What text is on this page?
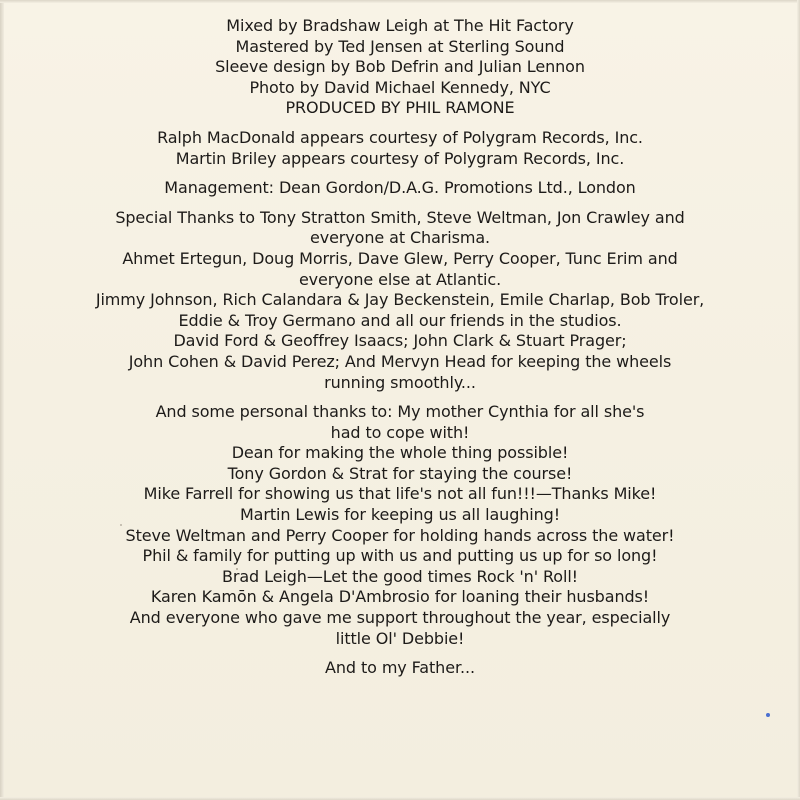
Mixed by Bradshaw Leigh at The Hit Factory

Mastered by Ted Jensen at Sterling Sound

Sleeve design by Bob Defrin and Julian Lennon

Photo by David Michael Kennedy, NYC

PRODUCED BY PHIL RAMONE

Ralph MacDonald appears courtesy of Polygram Records, Inc.

Martin Briley appears courtesy of Polygram Records, Inc.

Management: Dean Gordon/D.A.G. Promotions Ltd., London

Special Thanks to Tony Stratton Smith, Steve Weltman, Jon Crawley and

everyone at Charisma.

Ahmet Ertegun, Doug Morris, Dave Glew, Perry Cooper, Tunc Erim and

everyone else at Atlantic.

Jimmy Johnson, Rich Calandara & Jay Beckenstein, Emile Charlap, Bob Troler,

Eddie & Troy Germano and all our friends in the studios.

David Ford & Geoffrey Isaacs; John Clark & Stuart Prager;

John Cohen & David Perez; And Mervyn Head for keeping the wheels

running smoothly...

And some personal thanks to: My mother Cynthia for all she's

had to cope with!

Dean for making the whole thing possible!

Tony Gordon & Strat for staying the course!

Mike Farrell for showing us that life's not all fun!!!—Thanks Mike!

Martin Lewis for keeping us all laughing!

Steve Weltman and Perry Cooper for holding hands across the water!

Phil & family for putting up with us and putting us up for so long!

Brad Leigh—Let the good times Rock 'n' Roll!

Karen Kamōn & Angela D'Ambrosio for loaning their husbands!

And everyone who gave me support throughout the year, especially

little Ol' Debbie!

And to my Father...
